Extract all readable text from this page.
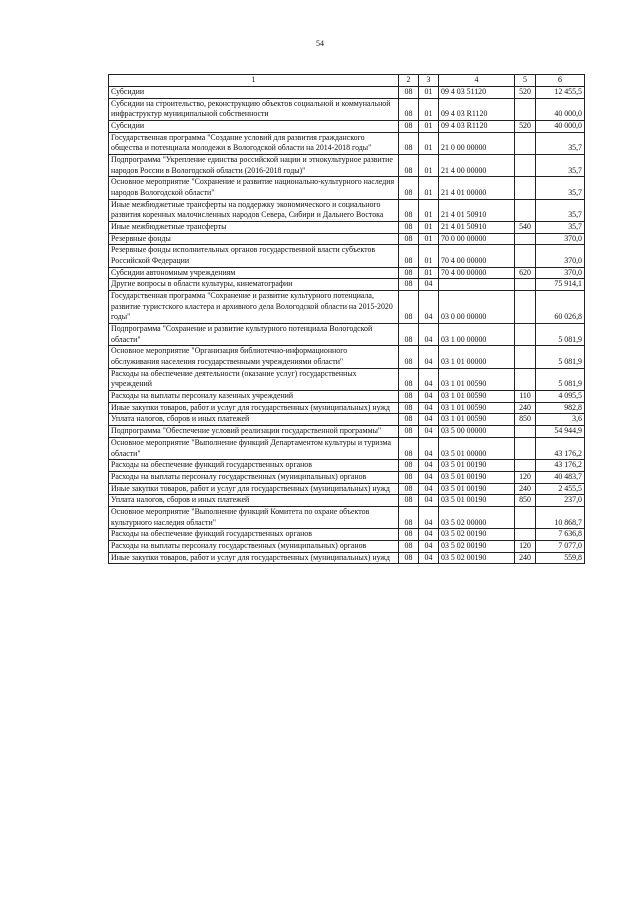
54
1	2	3	4	5	6
Субсидии	08	01	09 4 03 51120	520	12 455,5
Субсидии на строительство, реконструкцию объектов социальной и коммунальной инфраструктур муниципальной собственности	08	01	09 4 03 R1120		40 000,0
Субсидии	08	01	09 4 03 R1120	520	40 000,0
Государственная программа "Создание условий для развития гражданского общества и потенциала молодежи в Вологодской области на 2014-2018 годы"	08	01	21 0 00 00000		35,7
Подпрограмма "Укрепление единства российской нации и этнокультурное развитие народов России в Вологодской области (2016-2018 годы)"	08	01	21 4 00 00000		35,7
Основное мероприятие "Сохранение и развитие национально-культурного наследия народов Вологодской области"	08	01	21 4 01 00000		35,7
Иные межбюджетные трансферты на поддержку экономического и социального развития коренных малочисленных народов Севера, Сибири и Дальнего Востока	08	01	21 4 01 50910		35,7
Иные межбюджетные трансферты	08	01	21 4 01 50910	540	35,7
Резервные фонды	08	01	70 0 00 00000		370,0
Резервные фонды исполнительных органов государственной власти субъектов Российской Федерации	08	01	70 4 00 00000		370,0
Субсидии автономным учреждениям	08	01	70 4 00 00000	620	370,0
Другие вопросы в области культуры, кинематографии	08	04			75 914,1
Государственная программа "Сохранение и развитие культурного потенциала, развитие туристского кластера и архивного дела Вологодской области на 2015-2020 годы"	08	04	03 0 00 00000		60 026,8
Подпрограмма "Сохранение и развитие культурного потенциала Вологодской области"	08	04	03 1 00 00000		5 081,9
Основное мероприятие "Организация библиотечно-информационного обслуживания населения государственными учреждениями области"	08	04	03 1 01 00000		5 081,9
Расходы на обеспечение деятельности (оказание услуг) государственных учреждений	08	04	03 1 01 00590		5 081,9
Расходы на выплаты персоналу казенных учреждений	08	04	03 1 01 00590	110	4 095,5
Иные закупки товаров, работ и услуг для государственных (муниципальных) нужд	08	04	03 1 01 00590	240	982,8
Уплата налогов, сборов и иных платежей	08	04	03 1 01 00590	850	3,6
Подпрограмма "Обеспечение условий реализации государственной программы"	08	04	03 5 00 00000		54 944,9
Основное мероприятие "Выполнение функций Департаментом культуры и туризма области"	08	04	03 5 01 00000		43 176,2
Расходы на обеспечение функций государственных органов	08	04	03 5 01 00190		43 176,2
Расходы на выплаты персоналу государственных (муниципальных) органов	08	04	03 5 01 00190	120	40 483,7
Иные закупки товаров, работ и услуг для государственных (муниципальных) нужд	08	04	03 5 01 00190	240	2 455,5
Уплата налогов, сборов и иных платежей	08	04	03 5 01 00190	850	237,0
Основное мероприятие "Выполнение функций Комитета по охране объектов культурного наследия области"	08	04	03 5 02 00000		10 868,7
Расходы на обеспечение функций государственных органов	08	04	03 5 02 00190		7 636,8
Расходы на выплаты персоналу государственных (муниципальных) органов	08	04	03 5 02 00190	120	7 077,0
Иные закупки товаров, работ и услуг для государственных (муниципальных) нужд	08	04	03 5 02 00190	240	559,8
